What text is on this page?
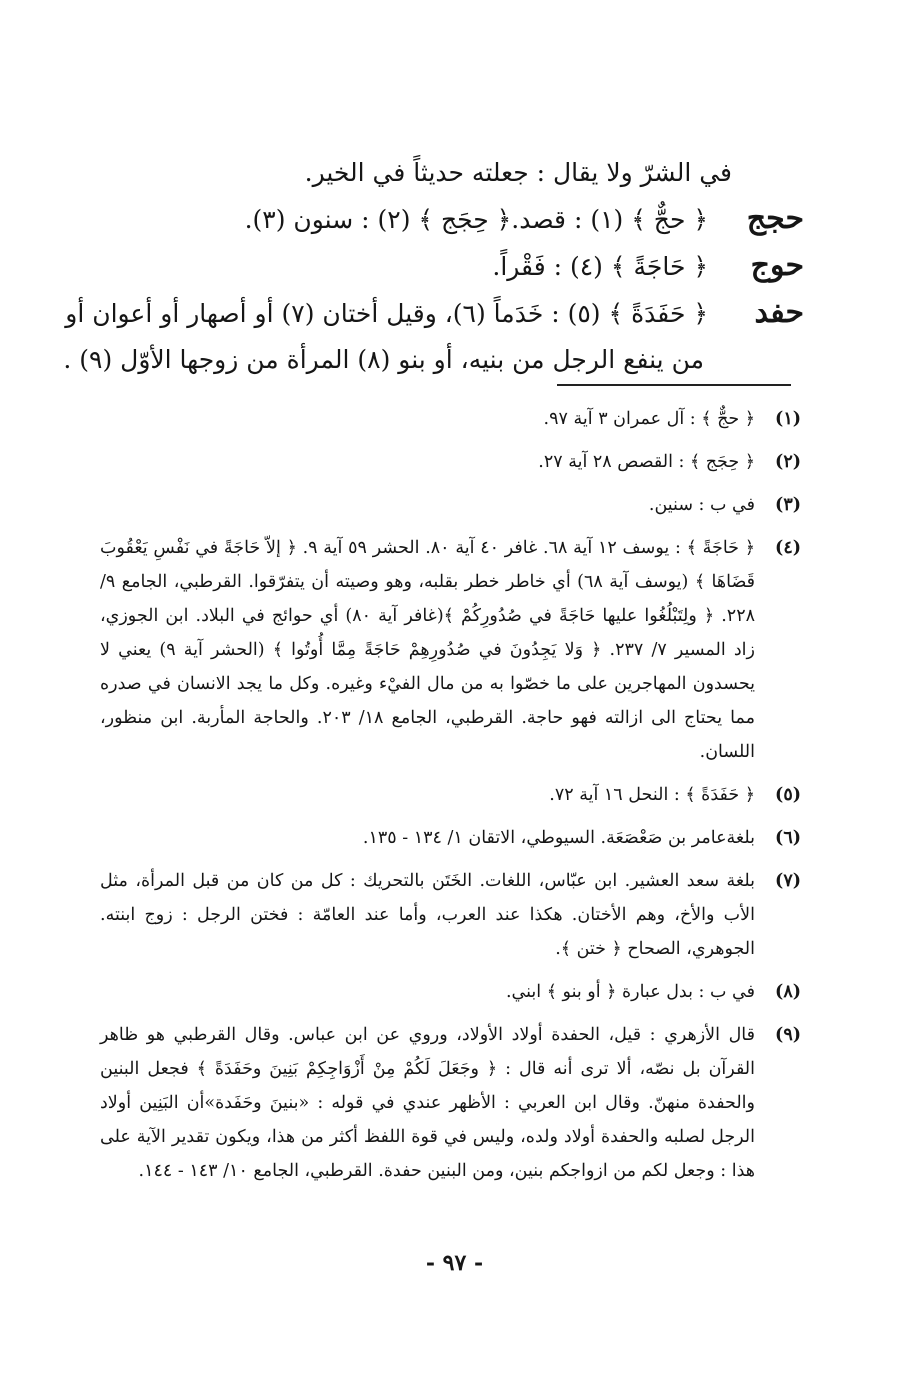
في الشرّ ولا يقال : جعلته حديثاً في الخير.
حجج﴿ حجٌّ ﴾ (١) : قصد.﴿ حِجَج ﴾ (٢) : سنون (٣).
حوج﴿ حَاجَةً ﴾ (٤) : فَقْراً.
حفد﴿ حَفَدَةً ﴾ (٥) : خَدَماً (٦)، وقيل أختان (٧) أو أصهار أو أعوان أو
من ينفع الرجل من بنيه، أو بنو (٨) المرأة من زوجها الأوّل (٩) .
(١)
﴿ حجٌّ ﴾ : آل عمران ٣ آية ٩٧.
(٢)
﴿ حِجَج ﴾ : القصص ٢٨ آية ٢٧.
(٣)
في ب : سنين.
(٤)
﴿ حَاجَةً ﴾ : يوسف ١٢ آية ٦٨. غافر ٤٠ آية ٨٠. الحشر ٥٩ آية ٩. ﴿ إلاّ حَاجَةً في نَفْسِ يَعْقُوبَ قَضَاهَا ﴾ (يوسف آية ٦٨) أي خاطر خطر بقلبه، وهو وصيته أن يتفرّقوا. القرطبي، الجامع ٩/ ٢٢٨. ﴿ ولِتَبْلُغُوا عليها حَاجَةً في صُدُورِكُمْ ﴾(غافر آية ٨٠) أي حوائج في البلاد. ابن الجوزي، زاد المسير ٧/ ٢٣٧. ﴿ وَلا يَجِدُونَ في صُدُورِهِمْ حَاجَةً مِمَّا أُوتُوا ﴾ (الحشر آية ٩) يعني لا يحسدون المهاجرين على ما خصّوا به من مال الفيْء وغيره. وكل ما يجد الانسان في صدره مما يحتاج الى ازالته فهو حاجة. القرطبي، الجامع ١٨/ ٢٠٣. والحاجة المأربة. ابن منظور، اللسان.
(٥)
﴿ حَفَدَةً ﴾ : النحل ١٦ آية ٧٢.
(٦)
بلغةعامر بن صَعْصَعَة. السيوطي، الاتقان ١/ ١٣٤ - ١٣٥.
(٧)
بلغة سعد العشير. ابن عبّاس، اللغات. الخَتَن بالتحريك : كل من كان من قبل المرأة، مثل الأب والأخ، وهم الأختان. هكذا عند العرب، وأما عند العامّة : فختن الرجل : زوج ابنته. الجوهري، الصحاح ﴿ ختن ﴾.
(٨)
في ب : بدل عبارة ﴿ أو بنو ﴾ ابني.
(٩)
قال الأزهري : قيل، الحفدة أولاد الأولاد، وروي عن ابن عباس. وقال القرطبي هو ظاهر القرآن بل نصّه، ألا ترى أنه قال : ﴿ وجَعَلَ لَكُمْ مِنْ أَزْوَاجِكِمْ بَنِينَ وحَفَدَةً ﴾ فجعل البنين والحفدة منهنّ. وقال ابن العربي : الأظهر عندي في قوله : «بنينَ وحَفَدة»أن البَنِين أولاد الرجل لصلبه والحفدة أولاد ولده، وليس في قوة اللفظ أكثر من هذا، ويكون تقدير الآية على هذا : وجعل لكم من ازواجكم بنين، ومن البنين حفدة. القرطبي، الجامع ١٠/ ١٤٣ - ١٤٤.
- ٩٧ -
